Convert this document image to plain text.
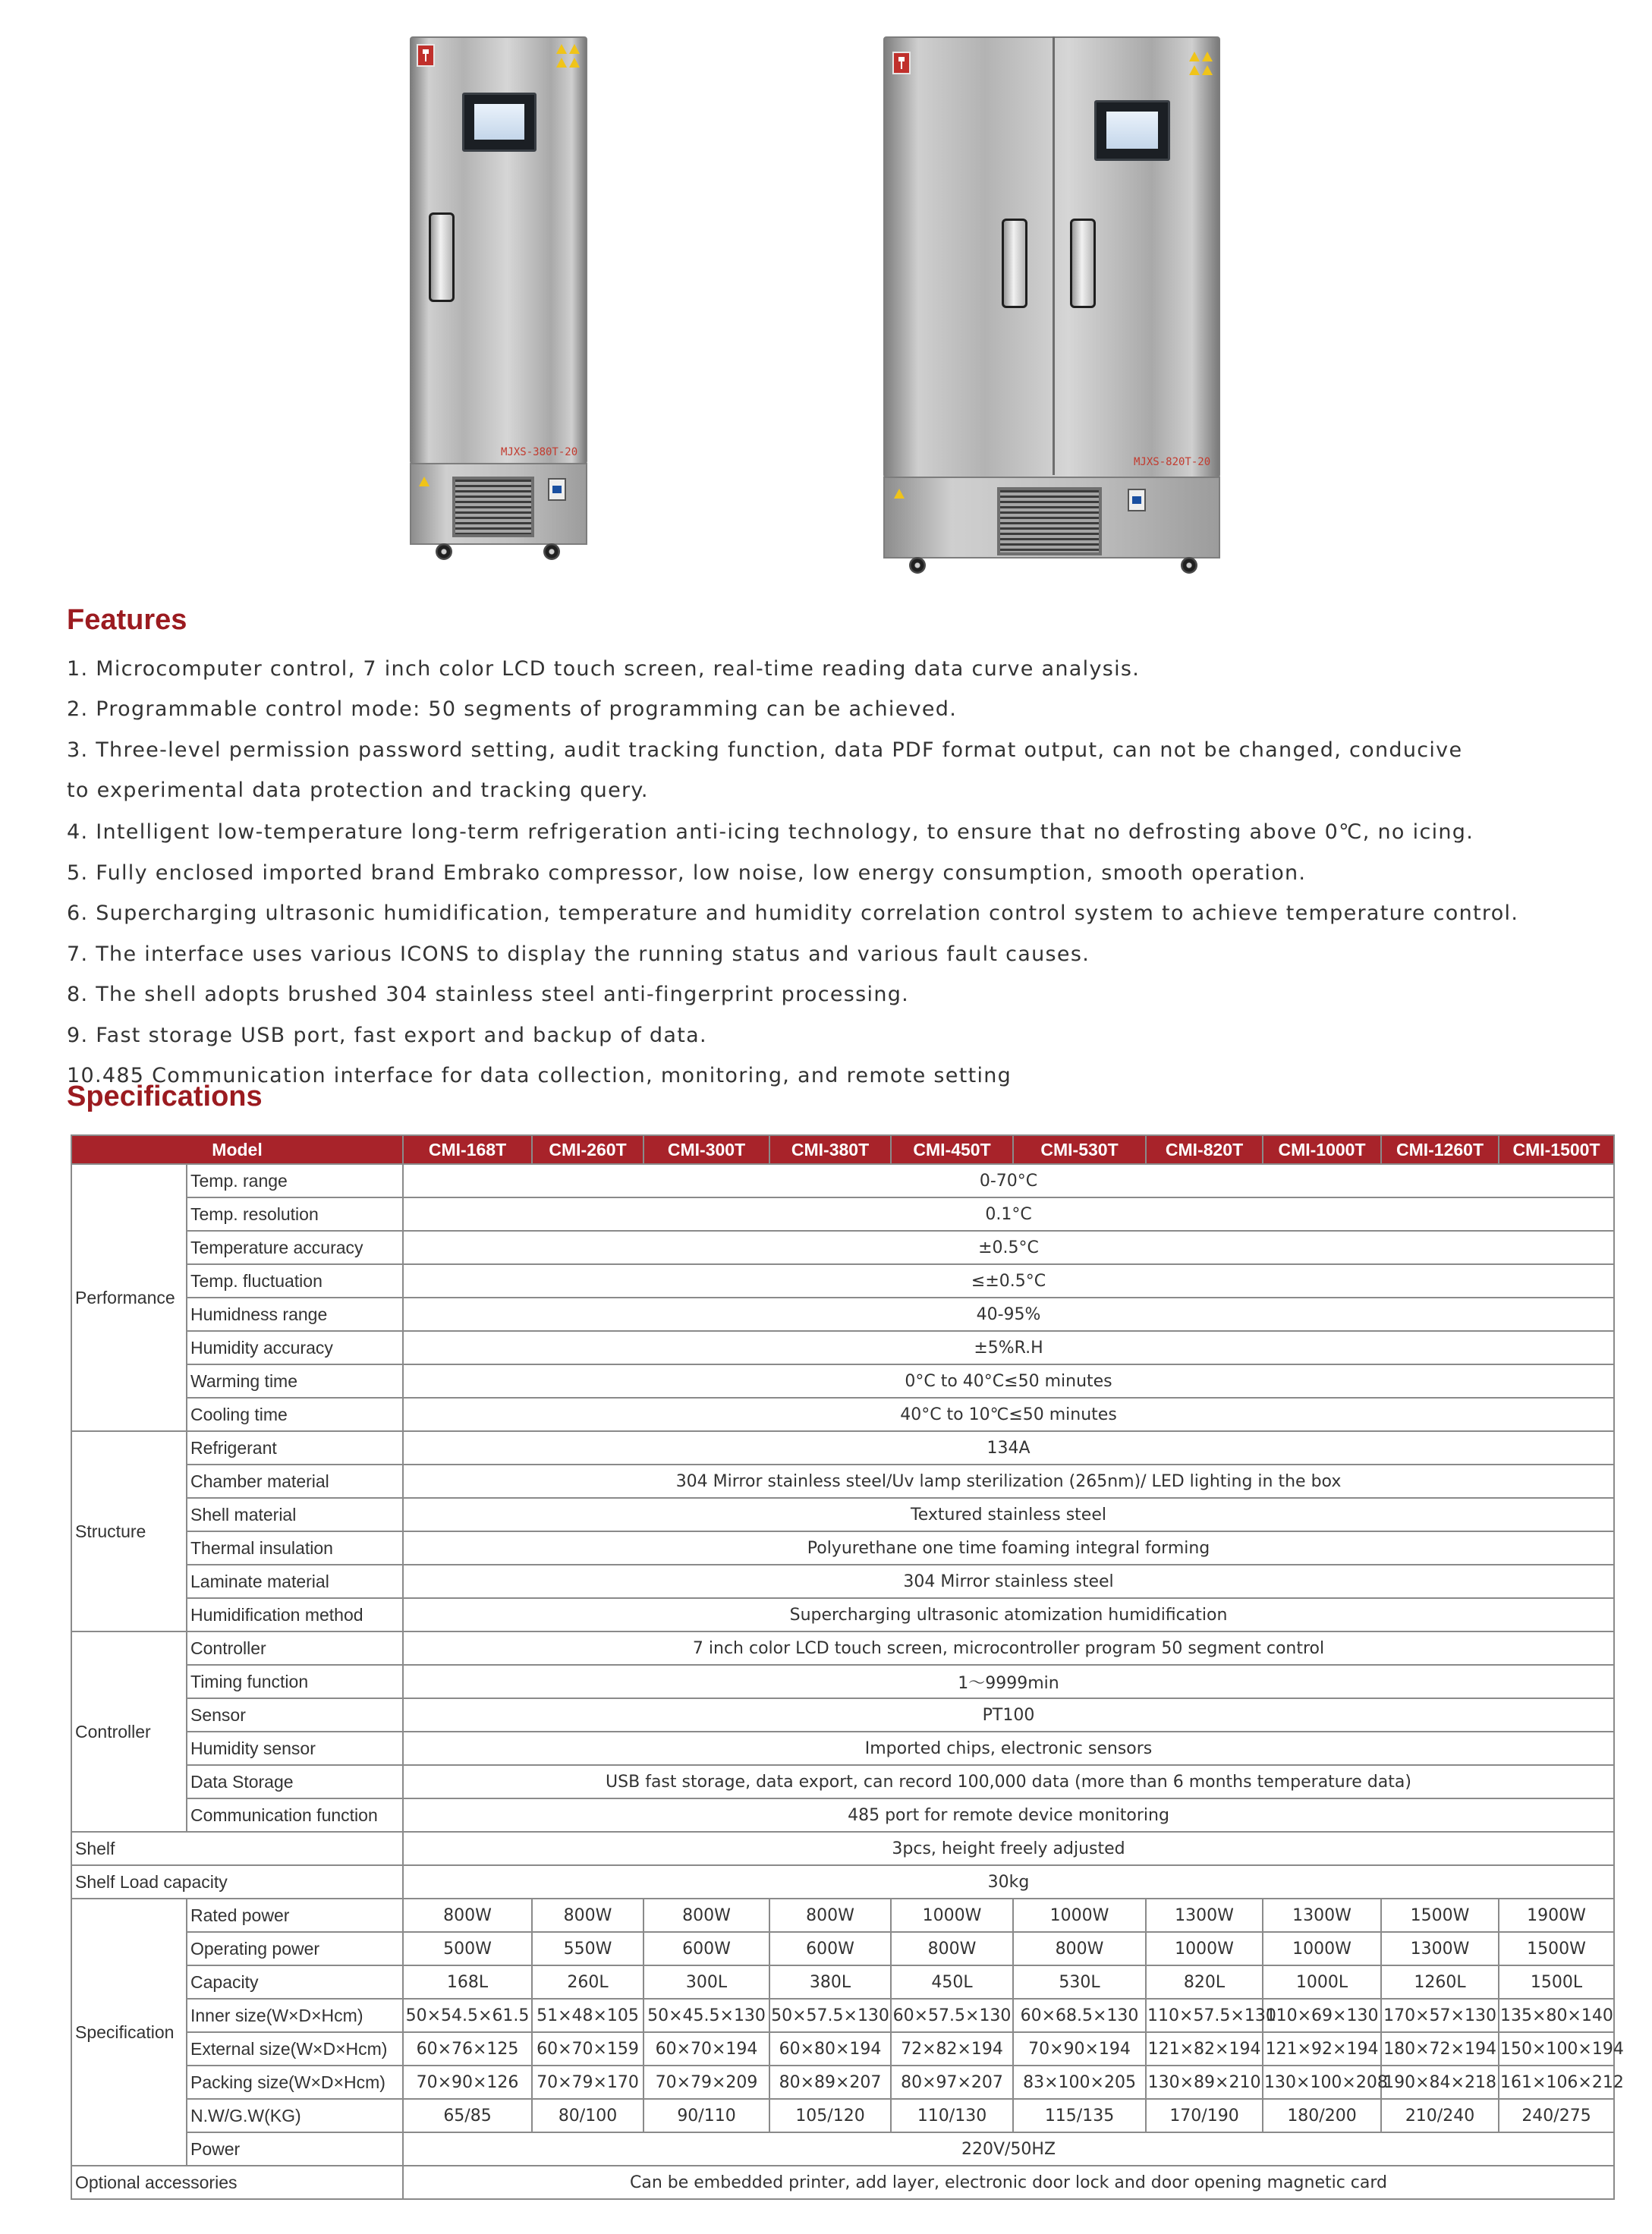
MJXS-380T-20
MJXS-820T-20
Features
1. Microcomputer control, 7 inch color LCD touch screen, real-time reading data curve analysis.
2. Programmable control mode: 50 segments of programming can be achieved.
3. Three-level permission password setting, audit tracking function, data PDF format output, can not be changed, conducive
to experimental data protection and tracking query.
4. Intelligent low-temperature long-term refrigeration anti-icing technology, to ensure that no defrosting above 0℃, no icing.
5. Fully enclosed imported brand Embrako compressor, low noise, low energy consumption, smooth operation.
6. Supercharging ultrasonic humidification, temperature and humidity correlation control system to achieve temperature control.
7. The interface uses various ICONS to display the running status and various fault causes.
8. The shell adopts brushed 304 stainless steel anti-fingerprint processing.
9. Fast storage USB port, fast export and backup of data.
10.485 Communication interface for data collection, monitoring, and remote setting
Specifications
Model		CMI-168T	CMI-260T	CMI-300T	CMI-380T	CMI-450T	CMI-530T	CMI-820T	CMI-1000T	CMI-1260T	CMI-1500T
Performance	Temp. range	0-70°C									
	Temp. resolution	0.1°C									
	Temperature accuracy	±0.5°C									
	Temp. fluctuation	≤±0.5°C									
	Humidness range	40-95%									
	Humidity accuracy	±5%R.H									
	Warming time	0°C to 40°C≤50 minutes									
	Cooling time	40°C to 10℃≤50 minutes									
Structure	Refrigerant	134A									
	Chamber material	304 Mirror stainless steel/Uv lamp sterilization (265nm)/ LED lighting in the box									
	Shell material	Textured stainless steel									
	Thermal insulation	Polyurethane one time foaming integral forming									
	Laminate material	304 Mirror stainless steel									
	Humidification method	Supercharging ultrasonic atomization humidification									
Controller	Controller	7 inch color LCD touch screen, microcontroller program 50 segment control									
	Timing function	1～9999min									
	Sensor	PT100									
	Humidity sensor	Imported chips, electronic sensors									
	Data Storage	USB fast storage, data export, can record 100,000 data (more than 6 months temperature data)									
	Communication function	485 port for remote device monitoring									
Shelf		3pcs, height freely adjusted									
Shelf Load capacity		30kg									
Specification	Rated power	800W	800W	800W	800W	1000W	1000W	1300W	1300W	1500W	1900W
	Operating power	500W	550W	600W	600W	800W	800W	1000W	1000W	1300W	1500W
	Capacity	168L	260L	300L	380L	450L	530L	820L	1000L	1260L	1500L
	Inner size(W×D×Hcm)	50×54.5×61.5	51×48×105	50×45.5×130	50×57.5×130	60×57.5×130	60×68.5×130	110×57.5×130	110×69×130	170×57×130	135×80×140
	External size(W×D×Hcm)	60×76×125	60×70×159	60×70×194	60×80×194	72×82×194	70×90×194	121×82×194	121×92×194	180×72×194	150×100×194
	Packing size(W×D×Hcm)	70×90×126	70×79×170	70×79×209	80×89×207	80×97×207	83×100×205	130×89×210	130×100×208	190×84×218	161×106×212
	N.W/G.W(KG)	65/85	80/100	90/110	105/120	110/130	115/135	170/190	180/200	210/240	240/275
	Power	220V/50HZ									
Optional accessories		Can be embedded printer, add layer, electronic door lock and door opening magnetic card									
